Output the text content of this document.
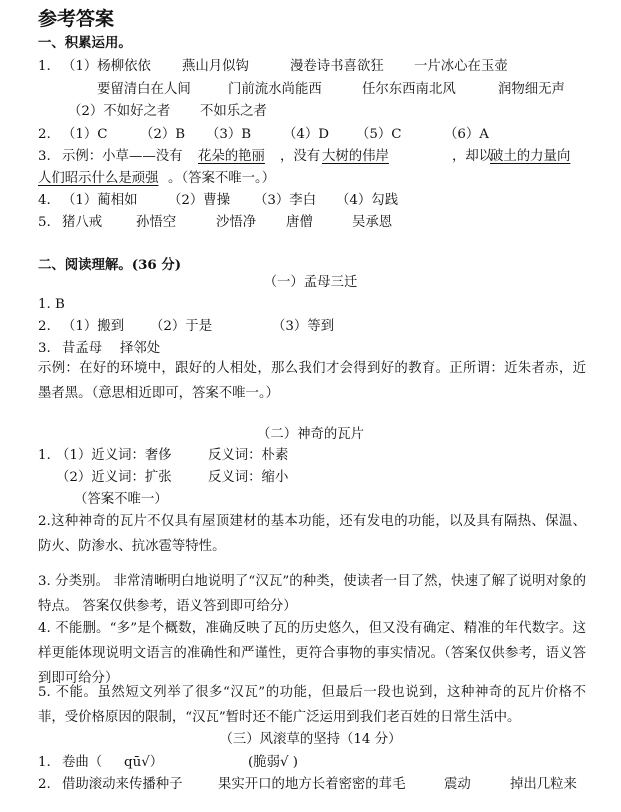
参考答案
一、积累运用。
1. （1）杨柳依依 燕山月似钩	漫卷诗书喜欲狂 一片冰心在玉壶
要留清白在人间	门前流水尚能西	任尔东西南北风	润物细无声
（2）不如好之者 不如乐之者
2. （1）C （2）B （3）B （4）D （5）C	（6）A
3. 示例：小草——没有 花朵的艳丽	，没有 大树的伟岸	，却以
破土的力量向
人们昭示什么是顽强 。（答案不唯一。）
4. （1）蔺相如 （2）曹操 （3）李白 （4）勾践
5. 猪八戒	孙悟空	沙悟净 唐僧	吴承恩
二、阅读理解。(36 分)
（一）孟母三迁
1. B
2. （1）搬到 （2）于是	（3）等到
3. 昔孟母 择邻处
示例：在好的环境中，跟好的人相处，那么我们才会得到好的教育。正所谓：近朱者赤，近墨者黑。（意思相近即可，答案不唯一。）
（二）神奇的瓦片
1. （1）近义词：奢侈	反义词：朴素
（2）近义词：扩张	反义词：缩小
（答案不唯一）
2.这种神奇的瓦片不仅具有屋顶建材的基本功能，还有发电的功能，以及具有隔热、保温、防火、防渗水、抗冰雹等特性。
3. 分类别。 非常清晰明白地说明了“汉瓦”的种类，使读者一目了然，快速了解了说明对象的特点。 答案仅供参考，语义答到即可给分）
4. 不能删。“多”是个概数，准确反映了瓦的历史悠久，但又没有确定、精准的年代数字。这样更能体现说明文语言的准确性和严谨性，更符合事物的事实情况。（答案仅供参考，语义答到即可给分）
5. 不能。虽然短文列举了很多“汉瓦”的功能，但最后一段也说到，这种神奇的瓦片价格不菲，受价格原因的限制，“汉瓦”暂时还不能广泛运用到我们老百姓的日常生活中。
（三）风滚草的坚持（14 分）
1. 卷曲（ qū√）	(脆弱√ )
2. 借助滚动来传播种子	果实开口的地方长着密密的茸毛	震动	掉出几粒来
